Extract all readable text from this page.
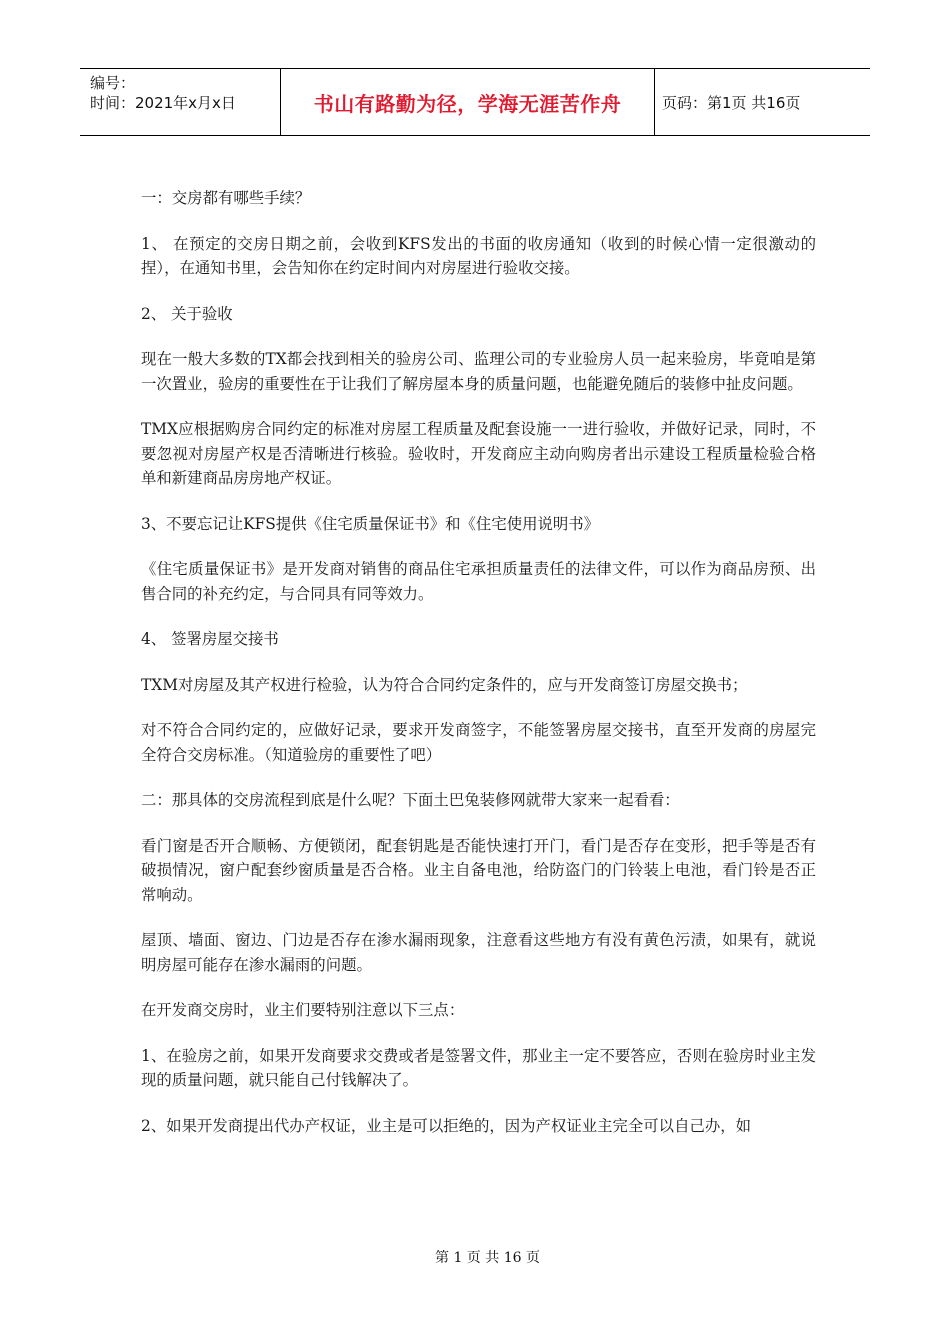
编号：
时间：2021年x月x日	书山有路勤为径，学海无涯苦作舟	页码：第1页 共16页

一：交房都有哪些手续？

1、 在预定的交房日期之前，会收到KFS发出的书面的收房通知（收到的时候心情一定很激动的捏），在通知书里，会告知你在约定时间内对房屋进行验收交接。

2、 关于验收

现在一般大多数的TX都会找到相关的验房公司、监理公司的专业验房人员一起来验房，毕竟咱是第一次置业，验房的重要性在于让我们了解房屋本身的质量问题，也能避免随后的装修中扯皮问题。

TMX应根据购房合同约定的标准对房屋工程质量及配套设施一一进行验收，并做好记录，同时，不要忽视对房屋产权是否清晰进行核验。验收时，开发商应主动向购房者出示建设工程质量检验合格单和新建商品房房地产权证。

3、不要忘记让KFS提供《住宅质量保证书》和《住宅使用说明书》

《住宅质量保证书》是开发商对销售的商品住宅承担质量责任的法律文件，可以作为商品房预、出售合同的补充约定，与合同具有同等效力。

4、 签署房屋交接书

TXM对房屋及其产权进行检验，认为符合合同约定条件的，应与开发商签订房屋交换书；

对不符合合同约定的，应做好记录，要求开发商签字，不能签署房屋交接书，直至开发商的房屋完全符合交房标准。（知道验房的重要性了吧）

二：那具体的交房流程到底是什么呢？下面土巴兔装修网就带大家来一起看看：

看门窗是否开合顺畅、方便锁闭，配套钥匙是否能快速打开门，看门是否存在变形，把手等是否有破损情况，窗户配套纱窗质量是否合格。业主自备电池，给防盗门的门铃装上电池，看门铃是否正常响动。

屋顶、墙面、窗边、门边是否存在渗水漏雨现象，注意看这些地方有没有黄色污渍，如果有，就说明房屋可能存在渗水漏雨的问题。

在开发商交房时，业主们要特别注意以下三点：

1、在验房之前，如果开发商要求交费或者是签署文件，那业主一定不要答应，否则在验房时业主发现的质量问题，就只能自己付钱解决了。

2、如果开发商提出代办产权证，业主是可以拒绝的，因为产权证业主完全可以自己办，如

第 1 页 共 16 页
